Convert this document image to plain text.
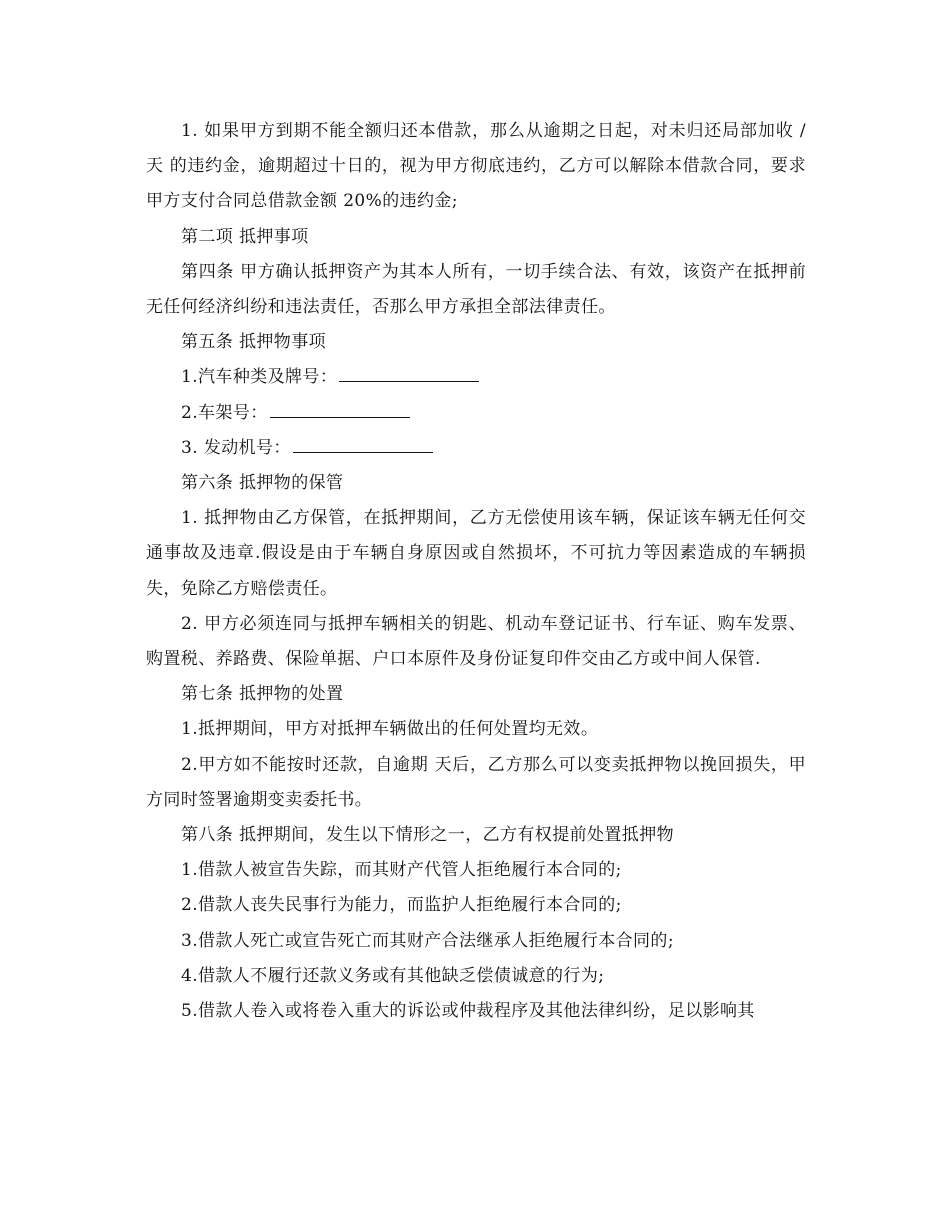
1. 如果甲方到期不能全额归还本借款，那么从逾期之日起，对未归还局部加收 /天 的违约金，逾期超过十日的，视为甲方彻底违约，乙方可以解除本借款合同，要求甲方支付合同总借款金额 20%的违约金;

第二项 抵押事项

第四条 甲方确认抵押资产为其本人所有，一切手续合法、有效，该资产在抵押前无任何经济纠纷和违法责任，否那么甲方承担全部法律责任。

第五条 抵押物事项

1.汽车种类及牌号：

2.车架号：

3. 发动机号：

第六条 抵押物的保管

1. 抵押物由乙方保管，在抵押期间，乙方无偿使用该车辆，保证该车辆无任何交通事故及违章.假设是由于车辆自身原因或自然损坏，不可抗力等因素造成的车辆损失，免除乙方赔偿责任。

2. 甲方必须连同与抵押车辆相关的钥匙、机动车登记证书、行车证、购车发票、购置税、养路费、保险单据、户口本原件及身份证复印件交由乙方或中间人保管.

第七条 抵押物的处置

1.抵押期间，甲方对抵押车辆做出的任何处置均无效。

2.甲方如不能按时还款，自逾期 天后，乙方那么可以变卖抵押物以挽回损失，甲方同时签署逾期变卖委托书。

第八条 抵押期间，发生以下情形之一，乙方有权提前处置抵押物

1.借款人被宣告失踪，而其财产代管人拒绝履行本合同的;

2.借款人丧失民事行为能力，而监护人拒绝履行本合同的;

3.借款人死亡或宣告死亡而其财产合法继承人拒绝履行本合同的;

4.借款人不履行还款义务或有其他缺乏偿债诚意的行为;

5.借款人卷入或将卷入重大的诉讼或仲裁程序及其他法律纠纷，足以影响其
